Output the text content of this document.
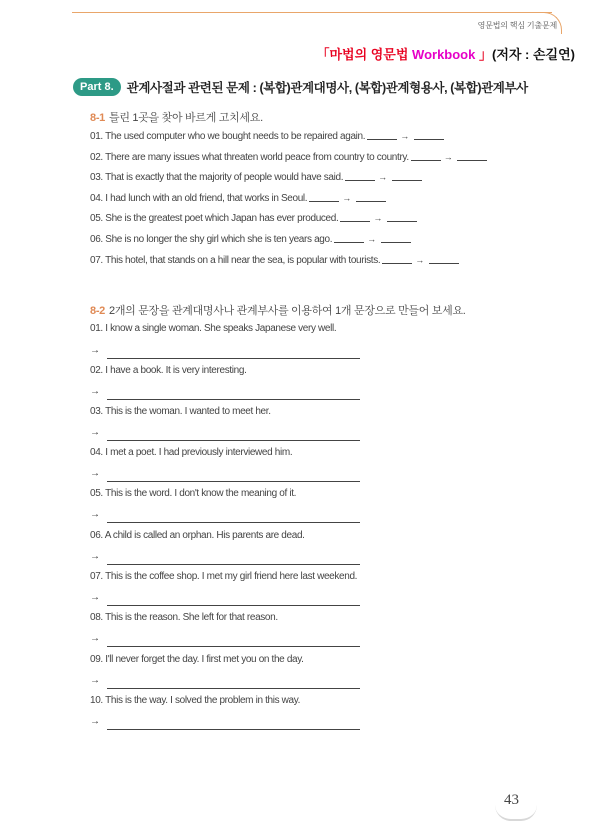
영문법의 핵심 기출문제
「마법의 영문법 Workbook 」(저자 : 손길연)
Part 8.	관계사절과 관련된 문제 : (복합)관계대명사, (복합)관계형용사, (복합)관계부사
8-1 틀린 1곳을 찾아 바르게 고치세요.
01. The used computer who we bought needs to be repaired again.	→
02. There are many issues what threaten world peace from country to country.	→
03. That is exactly that the majority of people would have said.	→
04. I had lunch with an old friend, that works in Seoul.	→
05. She is the greatest poet which Japan has ever produced.	→
06. She is no longer the shy girl which she is ten years ago.	→
07. This hotel, that stands on a hill near the sea, is popular with tourists.	→
8-2 2개의 문장을 관계대명사나 관계부사를 이용하여 1개 문장으로 만들어 보세요.
01. I know a single woman. She speaks Japanese very well.
→
02. I have a book. It is very interesting.
→
03. This is the woman. I wanted to meet her.
→
04. I met a poet. I had previously interviewed him.
→
05. This is the word. I don't know the meaning of it.
→
06. A child is called an orphan. His parents are dead.
→
07. This is the coffee shop. I met my girl friend here last weekend.
→
08. This is the reason. She left for that reason.
→
09. I'll never forget the day. I first met you on the day.
→
10. This is the way. I solved the problem in this way.
→
43
